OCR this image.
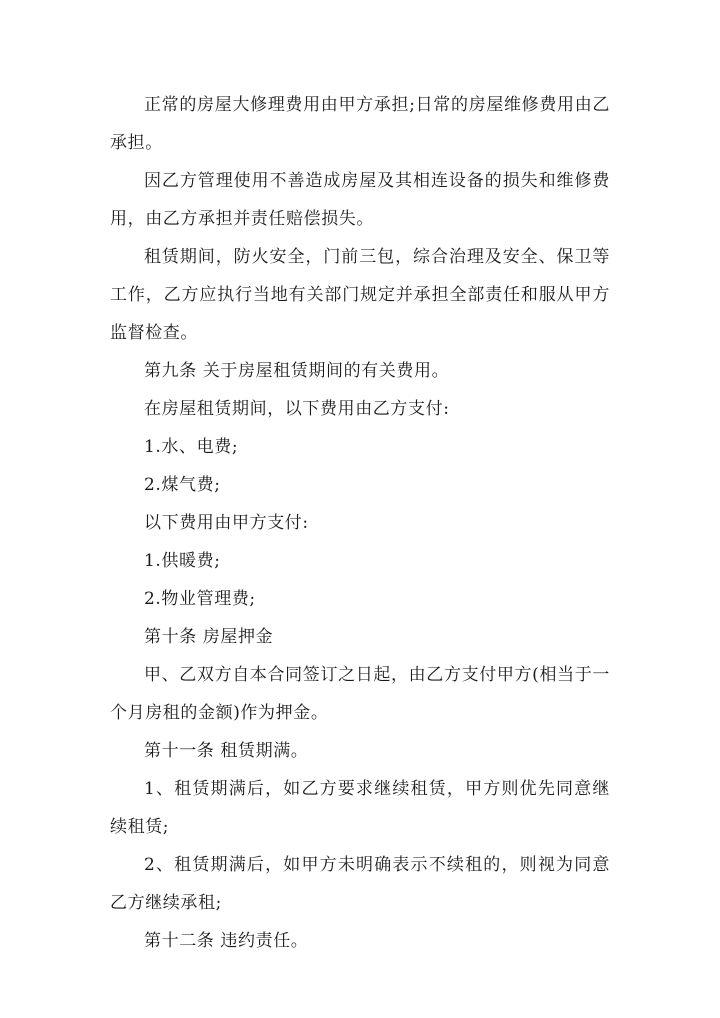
正常的房屋大修理费用由甲方承担;日常的房屋维修费用由乙承担。

因乙方管理使用不善造成房屋及其相连设备的损失和维修费用，由乙方承担并责任赔偿损失。

租赁期间，防火安全，门前三包，综合治理及安全、保卫等工作，乙方应执行当地有关部门规定并承担全部责任和服从甲方监督检查。

第九条 关于房屋租赁期间的有关费用。

在房屋租赁期间，以下费用由乙方支付:

1.水、电费;

2.煤气费;

以下费用由甲方支付:

1.供暖费;

2.物业管理费;

第十条 房屋押金

甲、乙双方自本合同签订之日起，由乙方支付甲方(相当于一个月房租的金额)作为押金。

第十一条 租赁期满。

1、租赁期满后，如乙方要求继续租赁，甲方则优先同意继续租赁;

2、租赁期满后，如甲方未明确表示不续租的，则视为同意乙方继续承租;

第十二条 违约责任。
